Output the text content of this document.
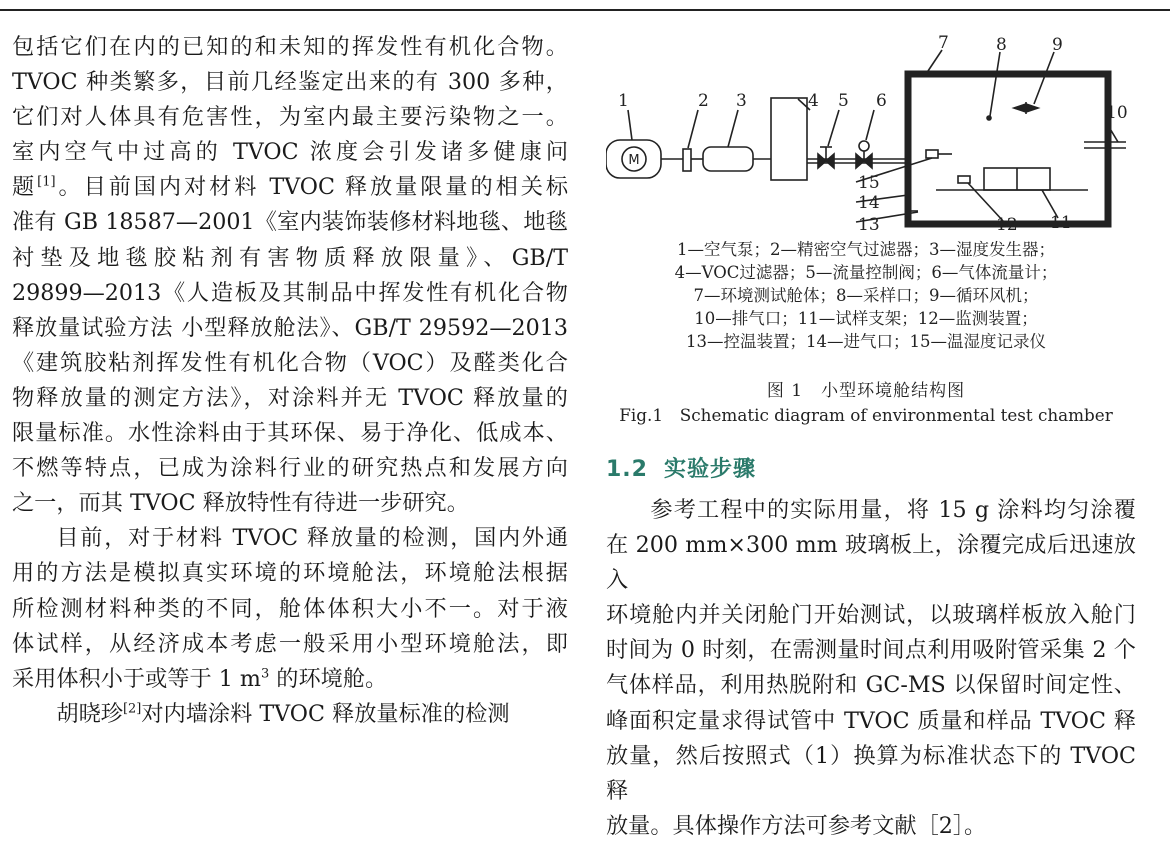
包括它们在内的已知的和未知的挥发性有机化合物。

TVOC 种类繁多，目前几经鉴定出来的有 300 多种，

它们对人体具有危害性，为室内最主要污染物之一。

室内空气中过高的 TVOC 浓度会引发诸多健康问

题[1]。目前国内对材料 TVOC 释放量限量的相关标

准有 GB 18587—2001《室内装饰装修材料地毯、地毯

衬垫及地毯胶粘剂有害物质释放限量》、GB/T

29899—2013《人造板及其制品中挥发性有机化合物

释放量试验方法 小型释放舱法》、GB/T 29592—2013

《建筑胶粘剂挥发性有机化合物（VOC）及醛类化合

物释放量的测定方法》，对涂料并无 TVOC 释放量的

限量标准。水性涂料由于其环保、易于净化、低成本、

不燃等特点，已成为涂料行业的研究热点和发展方向

之一，而其 TVOC 释放特性有待进一步研究。

目前，对于材料 TVOC 释放量的检测，国内外通

用的方法是模拟真实环境的环境舱法，环境舱法根据

所检测材料种类的不同，舱体体积大小不一。对于液

体试样，从经济成本考虑一般采用小型环境舱法，即

采用体积小于或等于 1 $m^3$ 的环境舱。

胡晓珍[2]对内墙涂料 TVOC 释放量标准的检测

M
1	2 3	4 5 6
7	8	9
10
11
12
13
14
15
1—空气泵；2—精密空气过滤器；3—湿度发生器；
4—VOC过滤器；5—流量控制阀；6—气体流量计；
7—环境测试舱体；8—采样口；9—循环风机；
10—排气口；11—试样支架；12—监测装置；
13—控温装置；14—进气口；15—温湿度记录仪
图 1　小型环境舱结构图
Fig.1　Schematic diagram of environmental test chamber
1.2 实验步骤

参考工程中的实际用量，将 15 g 涂料均匀涂覆

在 200 mm×300 mm 玻璃板上，涂覆完成后迅速放入

环境舱内并关闭舱门开始测试，以玻璃样板放入舱门

时间为 0 时刻，在需测量时间点利用吸附管采集 2 个

气体样品，利用热脱附和 GC-MS 以保留时间定性、

峰面积定量求得试管中 TVOC 质量和样品 TVOC 释

放量，然后按照式（1）换算为标准状态下的 TVOC 释

放量。具体操作方法可参考文献［2］。
